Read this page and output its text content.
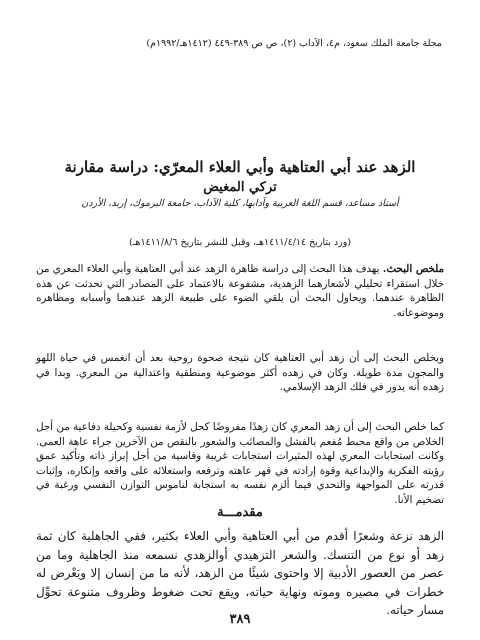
مجلة جامعة الملك سعود، م٤، الآداب (٢)، ص ص ٣٨٩-٤٤٩ (١٤١٢هـ/١٩٩٢م)
الزهد عند أبي العتاهية وأبي العلاء المعرّي: دراسة مقارنة
تركي المغيض
أستاذ مساعد، قسم اللغة العربية وآدابها، كلية الآداب، جامعة اليرموك، إربد، الأردن
(ورد بتاريخ ١٤١١/٤/١٤هـ، وقبل للنشر بتاريخ ١٤١١/٨/٦هـ)
ملخص البحث. يهدف هذا البحث إلى دراسة ظاهرة الزهد عند أبي العتاهية وأبي العلاء المعري من خلال استقراء تحليلي لأشعارهما الزهدية، مشفوعة بالاعتماد على المصادر التي تحدثت عن هذه الظاهرة عندهما. ويحاول البحث أن يلقي الضوء على طبيعة الزهد عندهما وأسبابه ومظاهره وموضوعاته.
ويخلص البحث إلى أن زهد أبي العتاهية كان نتيجة صحوة روحية بعد أن انغمس في حياة اللهو والمجون مدة طويلة. وكان في زهده أكثر موضوعية ومنطقية واعتدالية من المعري. وبدا في زهده أنه يدور في فلك الزهد الإسلامي.
كما خلص البحث إلى أن زهد المعري كان زهدًا مفروضًا كحل لأزمة نفسية وكحيلة دفاعية من أجل الخلاص من واقع محبط مُفعم بالفشل والمصائب والشعور بالنقص من الآخرين جراء عاهة العمى. وكانت استجابات المعري لهذه المثيرات استجابات غريبة وقاسية من أجل إبراز ذاته وتأكيد عمق رؤيته الفكرية والإبداعية وقوة إرادته في قهر عاهته وترفعه واستعلائه على واقعه وإنكاره، وإثبات قدرته على المواجهة والتحدي فيما ألزم نفسه به استجابة لناموس التوازن النفسي ورغبة في تضخيم الأنا.
مقدمـــة
الزهد نزعة وشعرًا أقدم من أبي العتاهية وأبي العلاء بكثير، ففي الجاهلية كان ثمة زهد أو نوع من التنسك. والشعر التزهيدي أوالزهدي نسمعه منذ الجاهلية وما من عصر من العصور الأدبية إلا واحتوى شيئًا من الزهد، لأنه ما من إنسان إلا ويَعْرض له خطرات في مصيره وموته ونهاية حياته، ويقع تحت ضغوط وظروف متنوعة تحوِّل مسار حياته.
٣٨٩
